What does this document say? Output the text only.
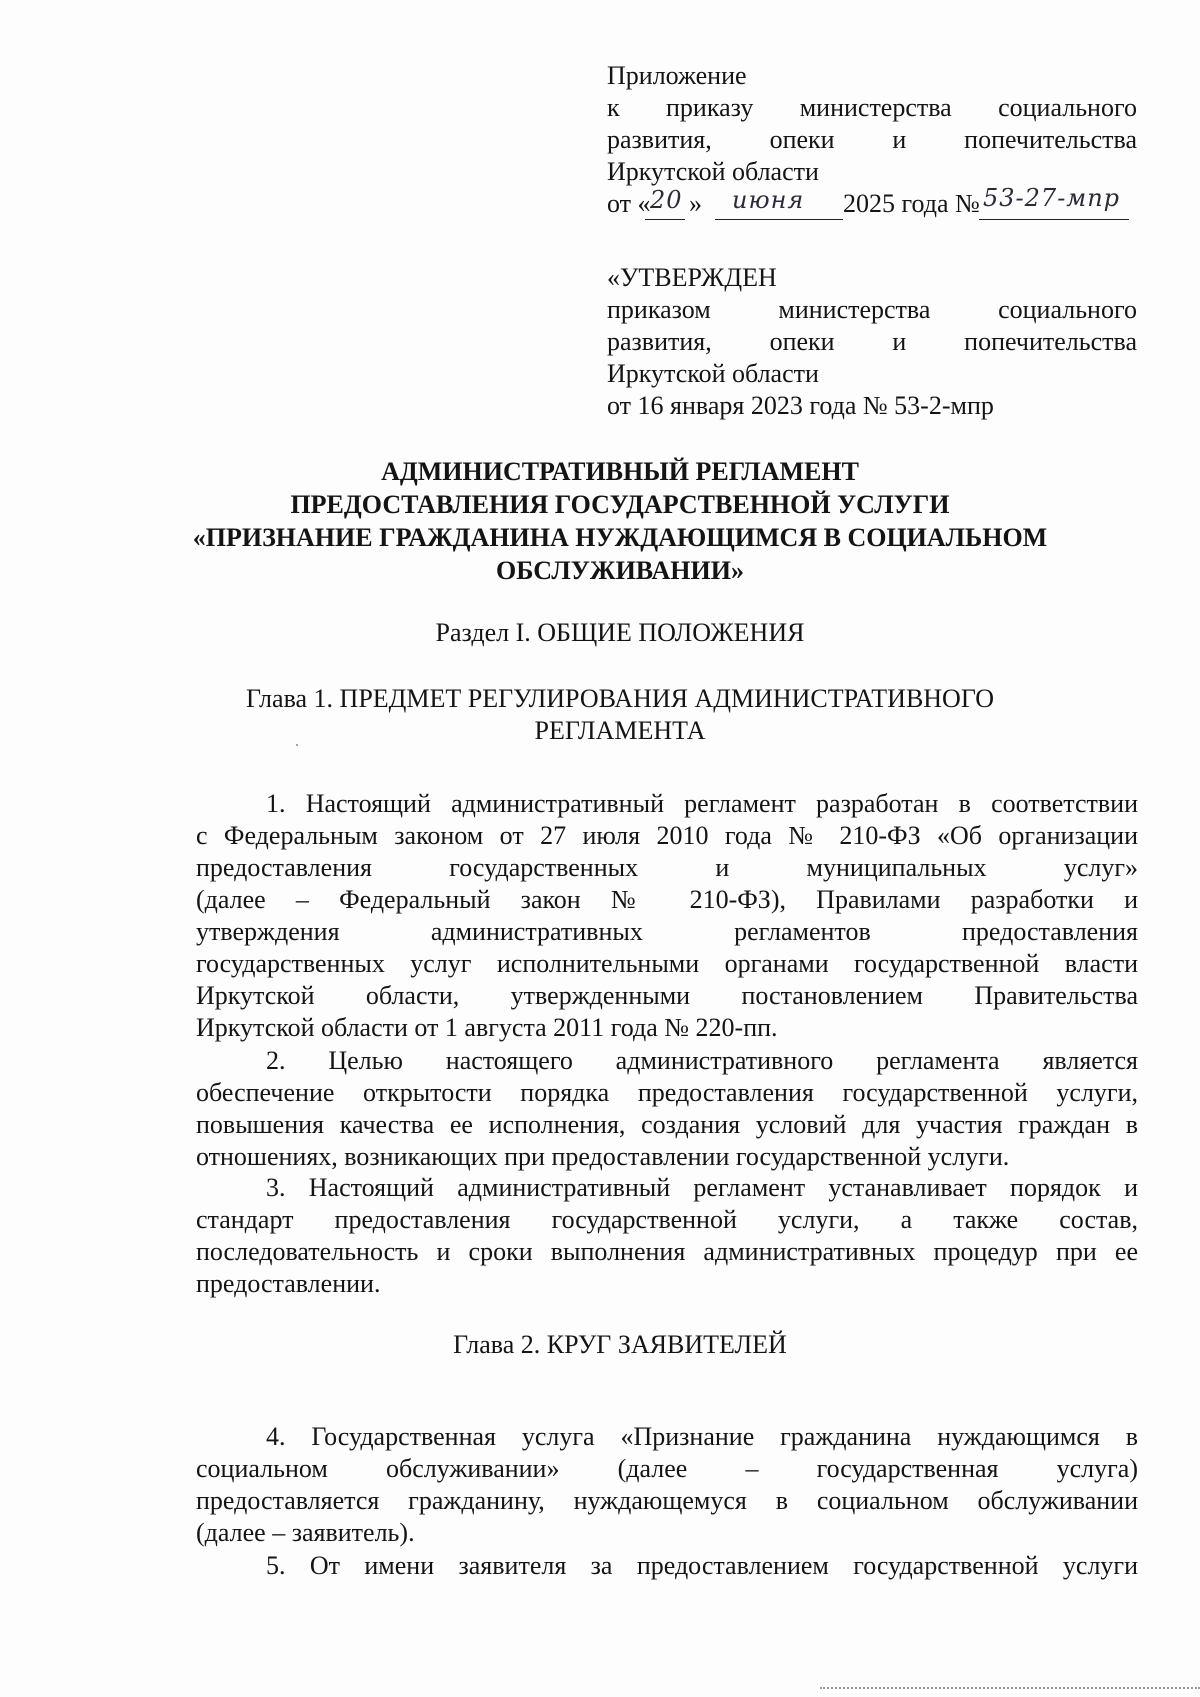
Приложение
к приказу министерства социального
развития, опеки и попечительства
Иркутской области
от « 20 » июня 2025 года № 53-27-мпр
«УТВЕРЖДЕН
приказом министерства социального
развития, опеки и попечительства
Иркутской области
от 16 января 2023 года № 53-2-мпр
АДМИНИСТРАТИВНЫЙ РЕГЛАМЕНТ
ПРЕДОСТАВЛЕНИЯ ГОСУДАРСТВЕННОЙ УСЛУГИ
«ПРИЗНАНИЕ ГРАЖДАНИНА НУЖДАЮЩИМСЯ В СОЦИАЛЬНОМ
ОБСЛУЖИВАНИИ»
Раздел I. ОБЩИЕ ПОЛОЖЕНИЯ
Глава 1. ПРЕДМЕТ РЕГУЛИРОВАНИЯ АДМИНИСТРАТИВНОГО
РЕГЛАМЕНТА
1. Настоящий административный регламент разработан в соответствии
с Федеральным законом от 27 июля 2010 года № 210-ФЗ «Об организации
предоставления государственных и муниципальных услуг»
(далее – Федеральный закон № 210-ФЗ), Правилами разработки и
утверждения административных регламентов предоставления
государственных услуг исполнительными органами государственной власти
Иркутской области, утвержденными постановлением Правительства
Иркутской области от 1 августа 2011 года № 220-пп.
2. Целью настоящего административного регламента является
обеспечение открытости порядка предоставления государственной услуги,
повышения качества ее исполнения, создания условий для участия граждан в
отношениях, возникающих при предоставлении государственной услуги.
3. Настоящий административный регламент устанавливает порядок и
стандарт предоставления государственной услуги, а также состав,
последовательность и сроки выполнения административных процедур при ее
предоставлении.
Глава 2. КРУГ ЗАЯВИТЕЛЕЙ
4. Государственная услуга «Признание гражданина нуждающимся в
социальном обслуживании» (далее – государственная услуга)
предоставляется гражданину, нуждающемуся в социальном обслуживании
(далее – заявитель).
5. От имени заявителя за предоставлением государственной услуги
